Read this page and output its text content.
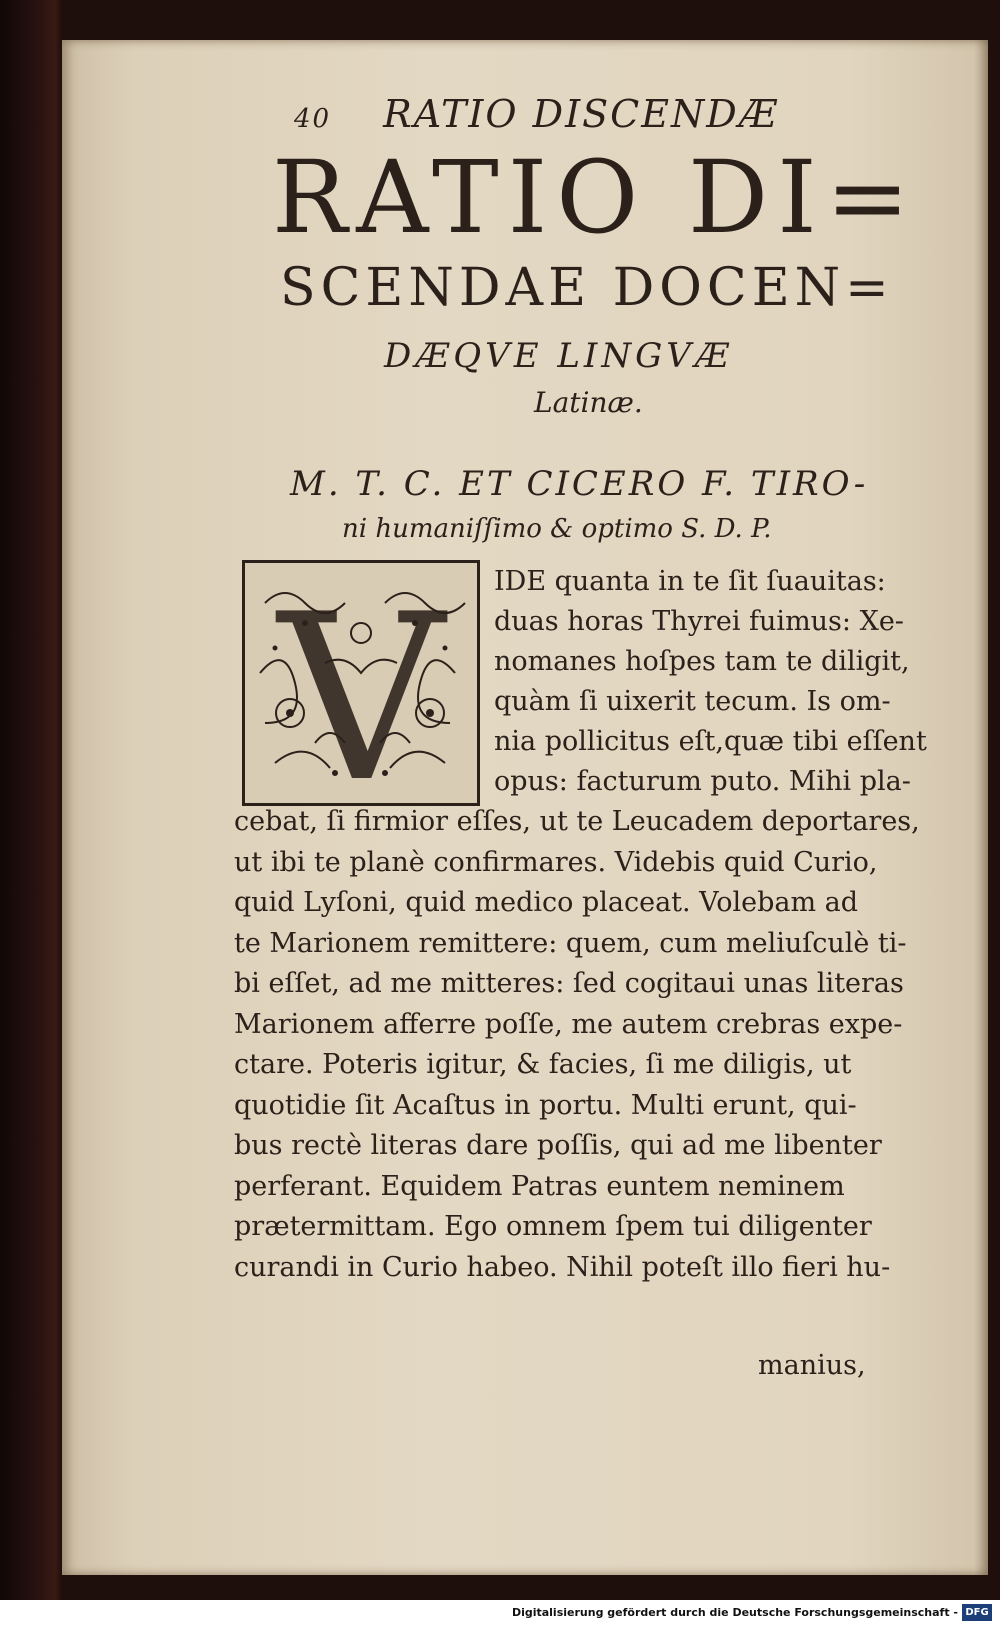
40 RATIO DISCENDÆ
RATIO DI=
SCENDAE DOCEN=
DÆQVE LINGVÆ
Latinæ.
M. T. C. ET CICERO F. TIRO-
ni humaniſſimo & optimo S. D. P.
V IDE quanta in te ſit ſuauitas:
duas horas Thyrei fuimus: Xe-
nomanes hoſpes tam te diligit,
quàm ſi uixerit tecum. Is om-
nia pollicitus eſt,quæ tibi eſſent
opus: facturum puto. Mihi pla-
cebat, ſi firmior eſſes, ut te Leucadem deportares,
ut ibi te planè confirmares. Videbis quid Curio,
quid Lyſoni, quid medico placeat. Volebam ad
te Marionem remittere: quem, cum meliuſculè ti-
bi eſſet, ad me mitteres: ſed cogitaui unas literas
Marionem afferre poſſe, me autem crebras expe-
ctare. Poteris igitur, & facies, ſi me diligis, ut
quotidie ſit Acaſtus in portu. Multi erunt, qui-
bus rectè literas dare poſſis, qui ad me libenter
perferant. Equidem Patras euntem neminem
prætermittam. Ego omnem ſpem tui diligenter
curandi in Curio habeo. Nihil poteſt illo fieri hu-
manius,
Digitalisierung gefördert durch die Deutsche Forschungsgemeinschaft - DFG
